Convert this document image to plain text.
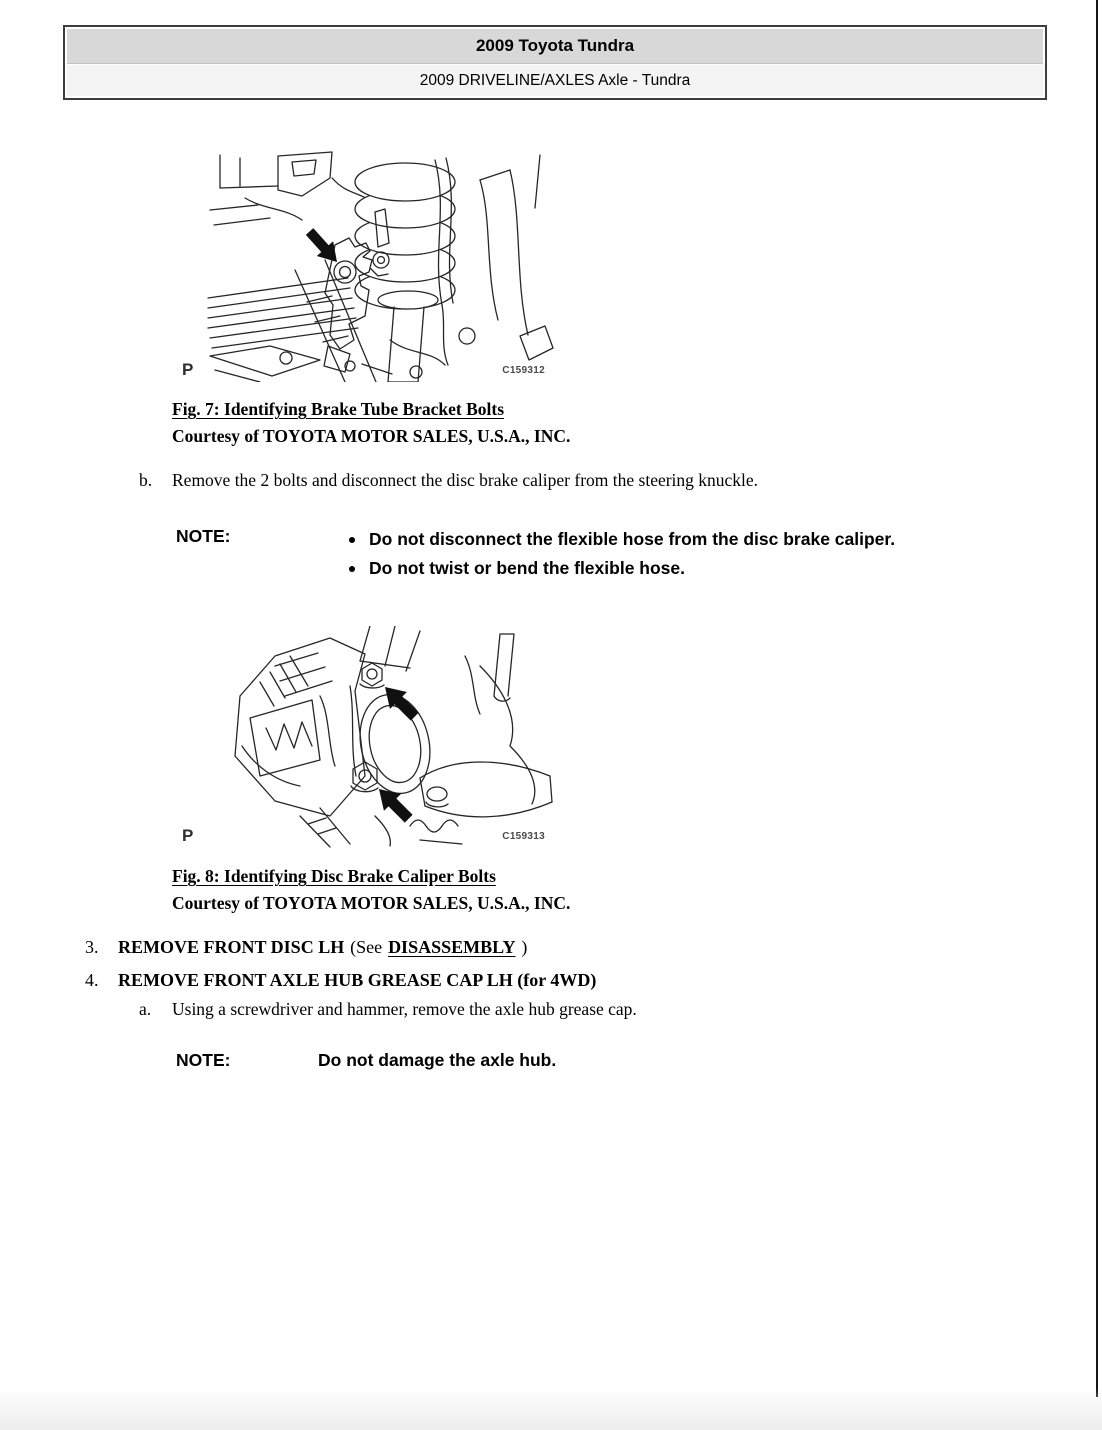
2009 Toyota Tundra
2009 DRIVELINE/AXLES Axle - Tundra
P	C159312
Fig. 7: Identifying Brake Tube Bracket Bolts
Courtesy of TOYOTA MOTOR SALES, U.S.A., INC.
b. Remove the 2 bolts and disconnect the disc brake caliper from the steering knuckle.
NOTE:	Do not disconnect the flexible hose from the disc brake caliper.
Do not twist or bend the flexible hose.
P	C159313
Fig. 8: Identifying Disc Brake Caliper Bolts
Courtesy of TOYOTA MOTOR SALES, U.S.A., INC.
3. REMOVE FRONT DISC LH (See DISASSEMBLY )
4. REMOVE FRONT AXLE HUB GREASE CAP LH (for 4WD)
a. Using a screwdriver and hammer, remove the axle hub grease cap.
NOTE:	Do not damage the axle hub.
